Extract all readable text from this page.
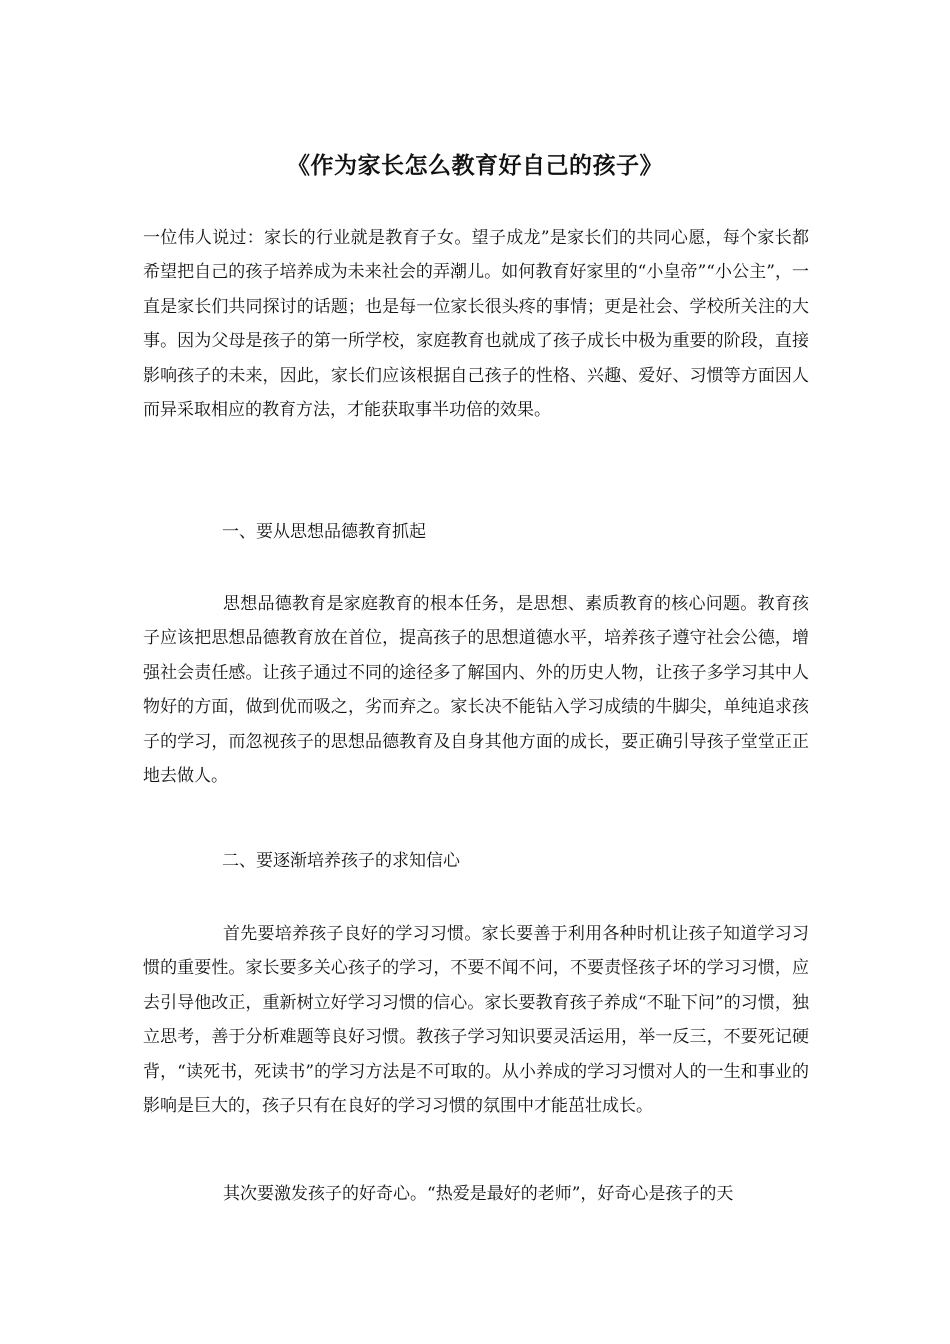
《作为家长怎么教育好自己的孩子》

一位伟人说过：家长的行业就是教育子女。望子成龙”是家长们的共同心愿，每个家长都希望把自己的孩子培养成为未来社会的弄潮儿。如何教育好家里的“小皇帝”“小公主”，一直是家长们共同探讨的话题；也是每一位家长很头疼的事情；更是社会、学校所关注的大事。因为父母是孩子的第一所学校，家庭教育也就成了孩子成长中极为重要的阶段，直接影响孩子的未来，因此，家长们应该根据自己孩子的性格、兴趣、爱好、习惯等方面因人而异采取相应的教育方法，才能获取事半功倍的效果。

一、要从思想品德教育抓起

思想品德教育是家庭教育的根本任务，是思想、素质教育的核心问题。教育孩子应该把思想品德教育放在首位，提高孩子的思想道德水平，培养孩子遵守社会公德，增强社会责任感。让孩子通过不同的途径多了解国内、外的历史人物，让孩子多学习其中人物好的方面，做到优而吸之，劣而弃之。家长决不能钻入学习成绩的牛脚尖，单纯追求孩子的学习，而忽视孩子的思想品德教育及自身其他方面的成长，要正确引导孩子堂堂正正地去做人。

二、要逐渐培养孩子的求知信心

首先要培养孩子良好的学习习惯。家长要善于利用各种时机让孩子知道学习习惯的重要性。家长要多关心孩子的学习，不要不闻不问，不要责怪孩子坏的学习习惯，应去引导他改正，重新树立好学习习惯的信心。家长要教育孩子养成“不耻下问”的习惯，独立思考，善于分析难题等良好习惯。教孩子学习知识要灵活运用，举一反三，不要死记硬背，“读死书，死读书”的学习方法是不可取的。从小养成的学习习惯对人的一生和事业的影响是巨大的，孩子只有在良好的学习习惯的氛围中才能茁壮成长。

其次要激发孩子的好奇心。“热爱是最好的老师”，好奇心是孩子的天
